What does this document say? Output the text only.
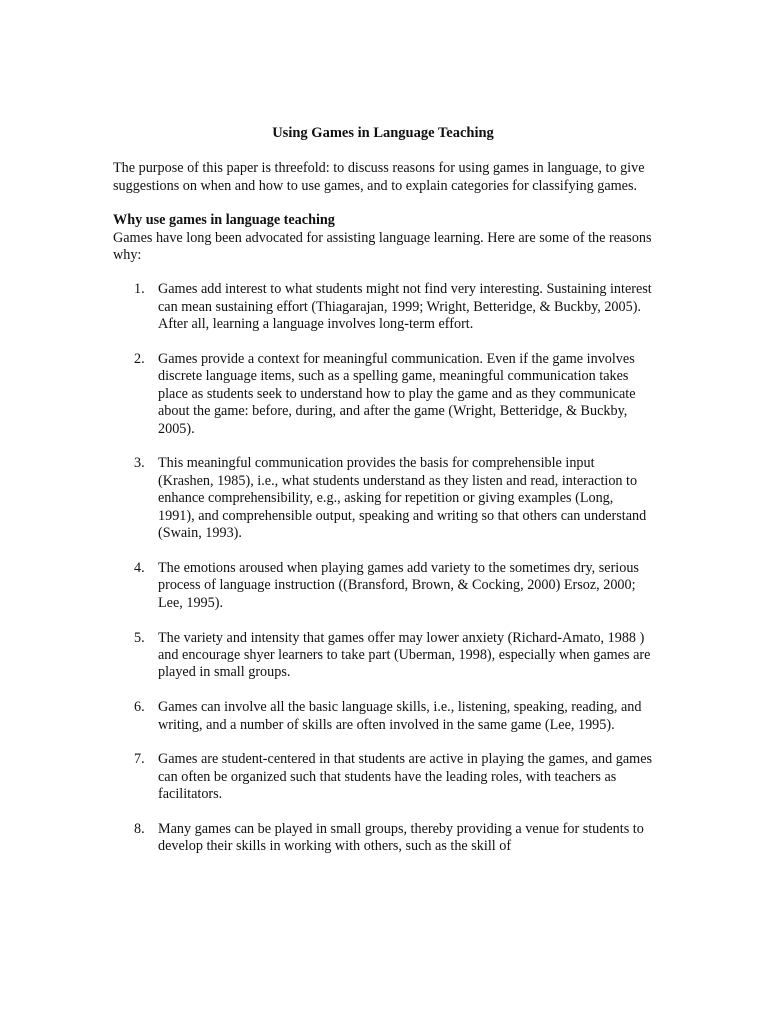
Using Games in Language Teaching

The purpose of this paper is threefold: to discuss reasons for using games in language, to give suggestions on when and how to use games, and to explain categories for classifying games.

Why use games in language teaching

Games have long been advocated for assisting language learning. Here are some of the reasons why:

1. Games add interest to what students might not find very interesting. Sustaining interest can mean sustaining effort (Thiagarajan, 1999; Wright, Betteridge, & Buckby, 2005). After all, learning a language involves long-term effort.
2. Games provide a context for meaningful communication. Even if the game involves discrete language items, such as a spelling game, meaningful communication takes place as students seek to understand how to play the game and as they communicate about the game: before, during, and after the game (Wright, Betteridge, & Buckby, 2005).
3. This meaningful communication provides the basis for comprehensible input (Krashen, 1985), i.e., what students understand as they listen and read, interaction to enhance comprehensibility, e.g., asking for repetition or giving examples (Long, 1991), and comprehensible output, speaking and writing so that others can understand (Swain, 1993).
4. The emotions aroused when playing games add variety to the sometimes dry, serious process of language instruction ((Bransford, Brown, & Cocking, 2000) Ersoz, 2000; Lee, 1995).
5. The variety and intensity that games offer may lower anxiety (Richard-Amato, 1988 ) and encourage shyer learners to take part (Uberman, 1998), especially when games are played in small groups.
6. Games can involve all the basic language skills, i.e., listening, speaking, reading, and writing, and a number of skills are often involved in the same game (Lee, 1995).
7. Games are student-centered in that students are active in playing the games, and games can often be organized such that students have the leading roles, with teachers as facilitators.
8. Many games can be played in small groups, thereby providing a venue for students to develop their skills in working with others, such as the skill of
